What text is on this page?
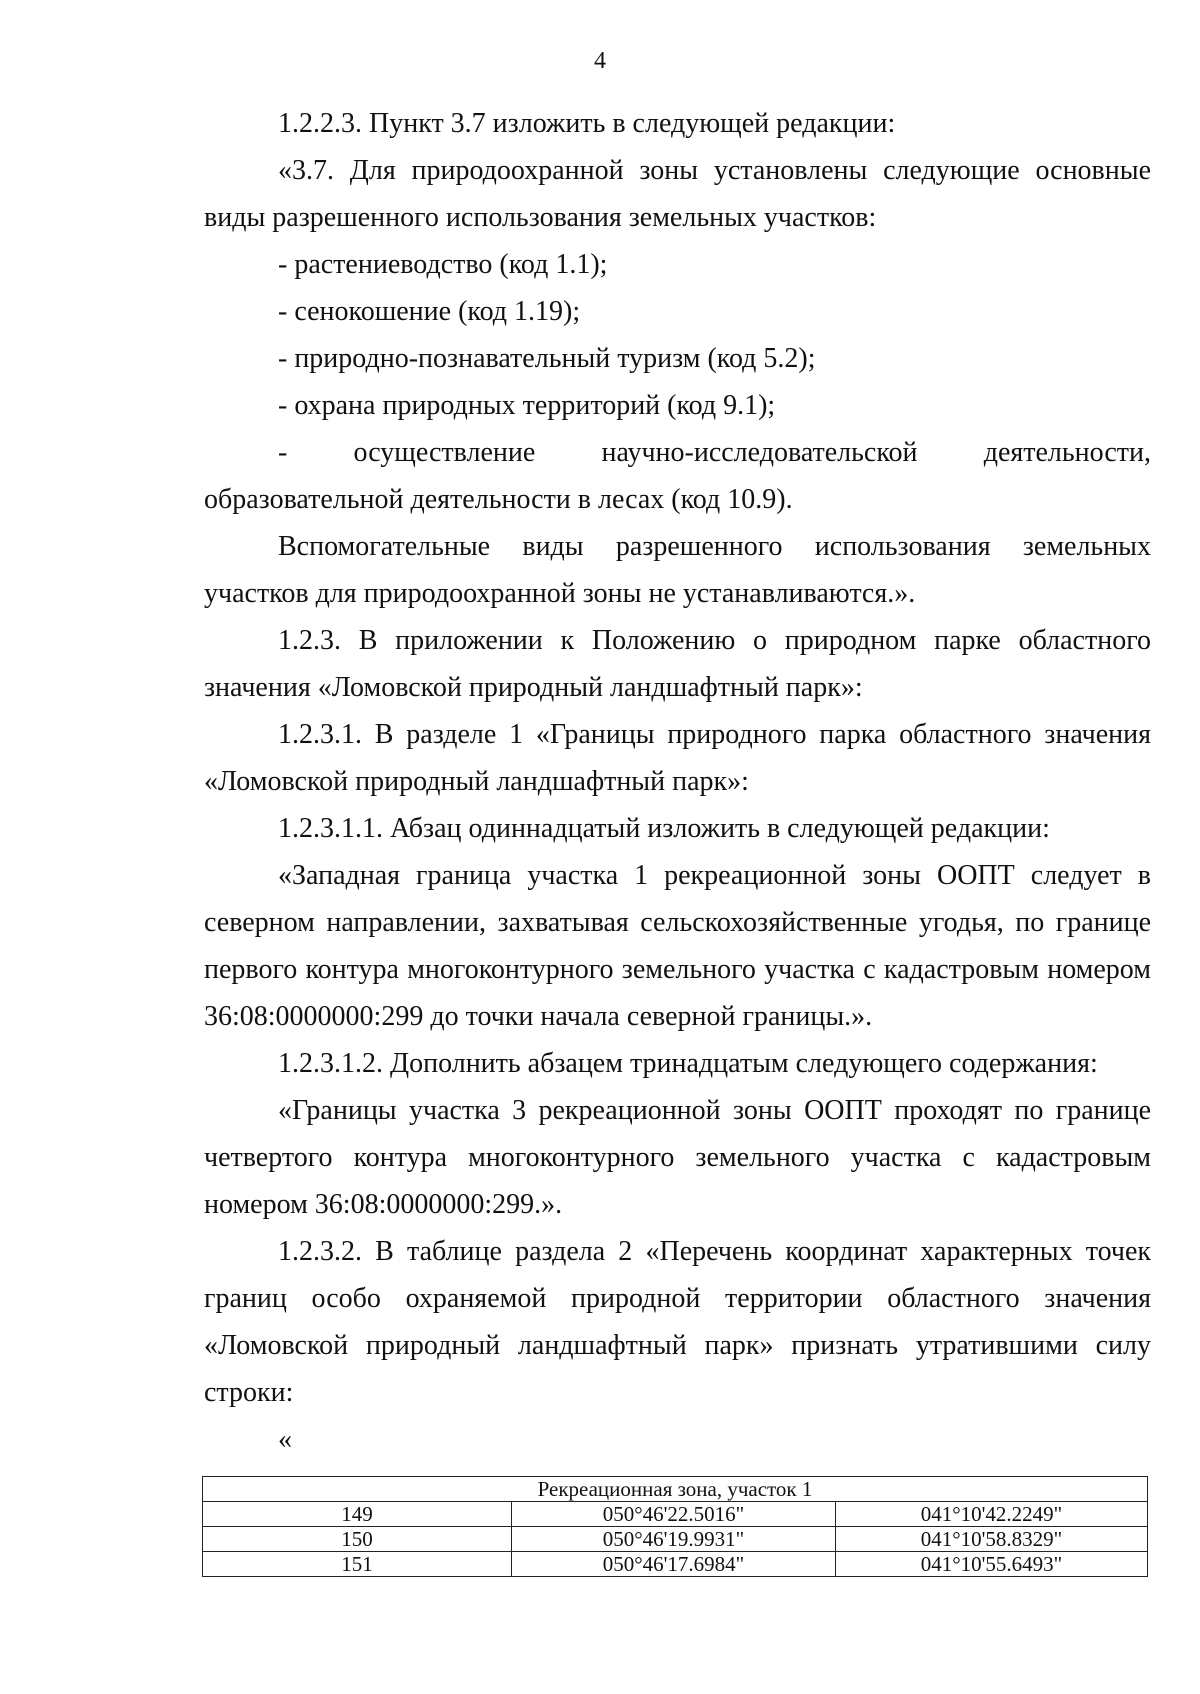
4

1.2.2.3. Пункт 3.7 изложить в следующей редакции:

«3.7. Для природоохранной зоны установлены следующие основные виды разрешенного использования земельных участков:

- растениеводство (код 1.1);

- сенокошение (код 1.19);

- природно-познавательный туризм (код 5.2);

- охрана природных территорий (код 9.1);

- осуществление научно-исследовательской деятельности, образовательной деятельности в лесах (код 10.9).

Вспомогательные виды разрешенного использования земельных участков для природоохранной зоны не устанавливаются.».

1.2.3. В приложении к Положению о природном парке областного значения «Ломовской природный ландшафтный парк»:

1.2.3.1. В разделе 1 «Границы природного парка областного значения «Ломовской природный ландшафтный парк»:

1.2.3.1.1. Абзац одиннадцатый изложить в следующей редакции:

«Западная граница участка 1 рекреационной зоны ООПТ следует в северном направлении, захватывая сельскохозяйственные угодья, по границе первого контура многоконтурного земельного участка с кадастровым номером 36:08:0000000:299 до точки начала северной границы.».

1.2.3.1.2. Дополнить абзацем тринадцатым следующего содержания:

«Границы участка 3 рекреационной зоны ООПТ проходят по границе четвертого контура многоконтурного земельного участка с кадастровым номером 36:08:0000000:299.».

1.2.3.2. В таблице раздела 2 «Перечень координат характерных точек границ особо охраняемой природной территории областного значения «Ломовской природный ландшафтный парк» признать утратившими силу строки:

«
Рекреационная зона, участок 1		
149	050°46'22.5016"	041°10'42.2249"
150	050°46'19.9931"	041°10'58.8329"
151	050°46'17.6984"	041°10'55.6493"
